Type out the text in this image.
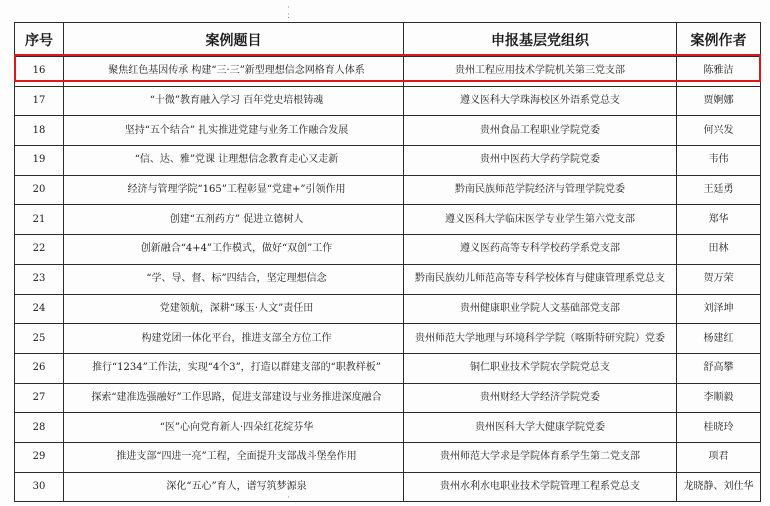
·
:
·
序号	案例题目	申报基层党组织	案例作者
16	聚焦红色基因传承 构建“三·三”新型理想信念网格育人体系	贵州工程应用技术学院机关第三党支部	陈雅洁
17	“十微”教育融入学习 百年党史培根铸魂	遵义医科大学珠海校区外语系党总支	贾婀娜
18	坚持“五个结合” 扎实推进党建与业务工作融合发展	贵州食品工程职业学院党委	何兴发
19	“信、达、雅”党课 让理想信念教育走心又走新	贵州中医药大学药学院党委	韦伟
20	经济与管理学院“165”工程彰显“党建+”引领作用	黔南民族师范学院经济与管理学院党委	王廷勇
21	创建“五剂药方” 促进立德树人	遵义医科大学临床医学专业学生第六党支部	郑华
22	创新融合“4+4”工作模式，做好“双创”工作	遵义医药高等专科学校药学系党支部	田林
23	“学、导、督、标”四结合，坚定理想信念	黔南民族幼儿师范高等专科学校体育与健康管理系党总支	贺万荣
24	党建领航，深耕“琢玉·人文”责任田	贵州健康职业学院人文基础部党支部	刘泽坤
25	构建党团一体化平台，推进支部全方位工作	贵州师范大学地理与环境科学学院（喀斯特研究院）党委	杨建红
26	推行“1234”工作法，实现“4个3”，打造以群建支部的“职教样板”	铜仁职业技术学院农学院党总支	舒高攀
27	探索“建准选强融好”工作思路，促进支部建设与业务推进深度融合	贵州财经大学经济学院党委	李顺毅
28	“医”心向党育新人·四朵红花绽芬华	贵州医科大学大健康学院党委	桂晓玲
29	推进支部“四进一亮”工程，全面提升支部战斗堡垒作用	贵州师范大学求是学院体育系学生第二党支部	项君
30	深化“五心”育人，谱写筑梦源泉	贵州水利水电职业技术学院管理工程系党总支	龙晓静、刘仕华
